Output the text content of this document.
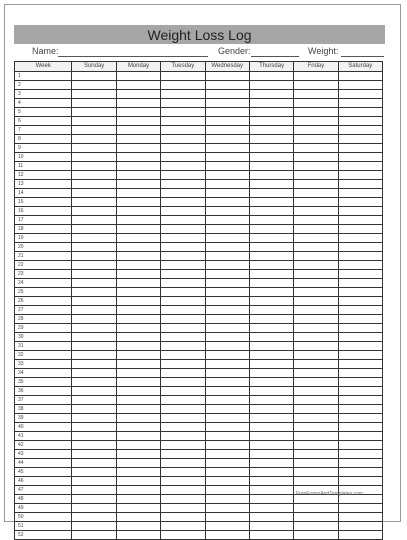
Weight Loss Log
Name:	Gender:	Weight:
Week	Sunday	Monday	Tuesday	Wednesday	Thursday	Friday	Saturday
1							
2							
3							
4							
5							
6							
7							
8							
9							
10							
11							
12							
13							
14							
15							
16							
17							
18							
19							
20							
21							
22							
23							
24							
25							
26							
27							
28							
29							
30							
31							
32							
33							
34							
35							
36							
37							
38							
39							
40							
41							
42							
43							
44							
45							
46							
47							
48							
49							
50							
51							
52							
FreeFormsAndTemplates.com
